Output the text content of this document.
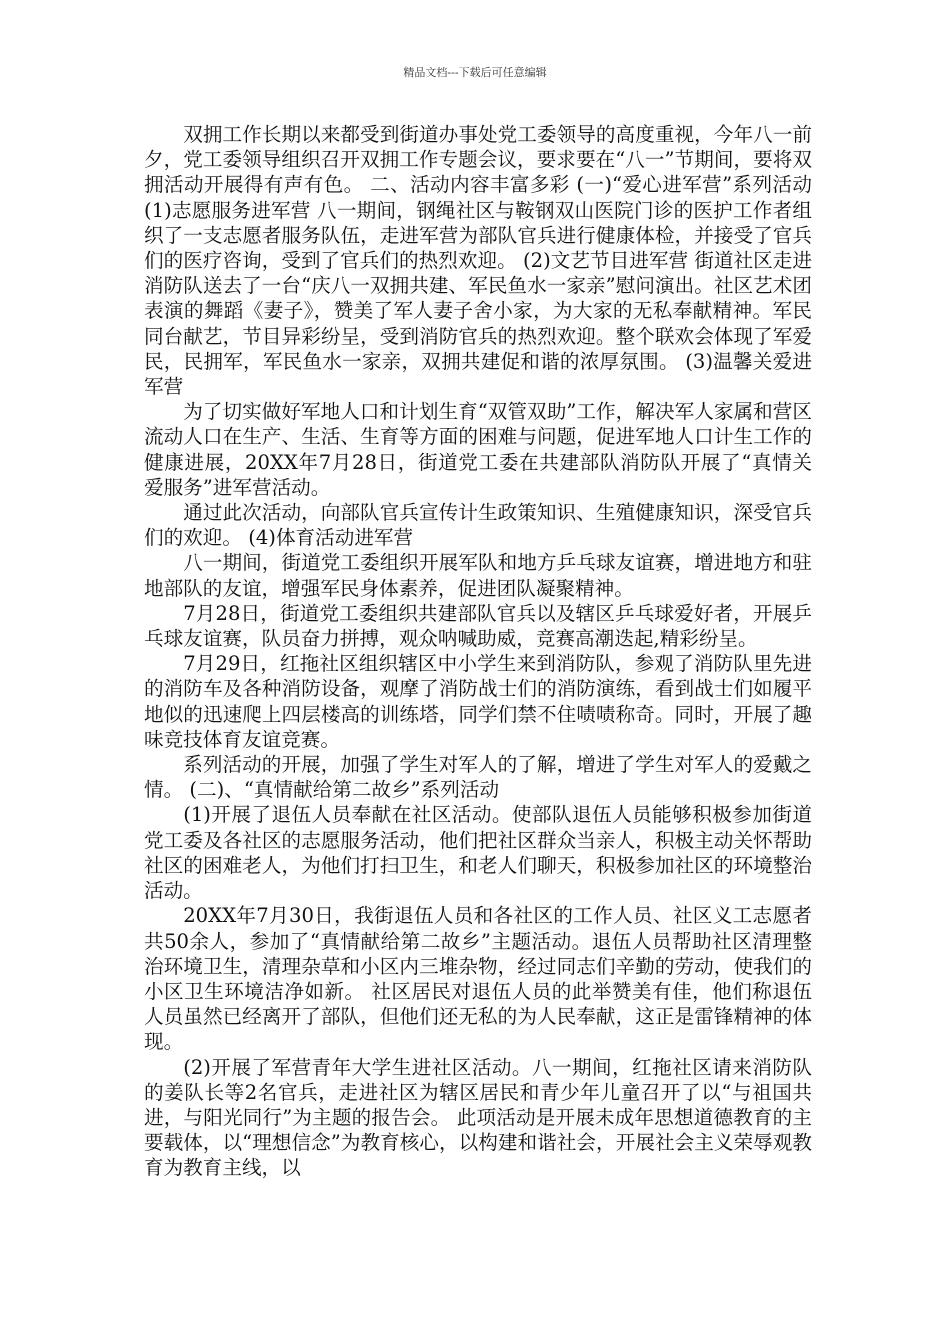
精品文档---下载后可任意编辑

双拥工作长期以来都受到街道办事处党工委领导的高度重视，今年八一前夕，党工委领导组织召开双拥工作专题会议，要求要在“八一”节期间，要将双拥活动开展得有声有色。 二、活动内容丰富多彩 (一)“爱心进军营”系列活动 (1)志愿服务进军营 八一期间，钢绳社区与鞍钢双山医院门诊的医护工作者组织了一支志愿者服务队伍，走进军营为部队官兵进行健康体检，并接受了官兵们的医疗咨询，受到了官兵们的热烈欢迎。 (2)文艺节目进军营 街道社区走进消防队送去了一台“庆八一双拥共建、军民鱼水一家亲”慰问演出。社区艺术团表演的舞蹈《妻子》，赞美了军人妻子舍小家，为大家的无私奉献精神。军民同台献艺，节目异彩纷呈，受到消防官兵的热烈欢迎。整个联欢会体现了军爱民，民拥军，军民鱼水一家亲，双拥共建促和谐的浓厚氛围。 (3)温馨关爱进军营

为了切实做好军地人口和计划生育“双管双助”工作，解决军人家属和营区流动人口在生产、生活、生育等方面的困难与问题，促进军地人口计生工作的健康进展，20XX年7月28日，街道党工委在共建部队消防队开展了“真情关爱服务”进军营活动。

通过此次活动，向部队官兵宣传计生政策知识、生殖健康知识，深受官兵们的欢迎。 (4)体育活动进军营

八一期间，街道党工委组织开展军队和地方乒乓球友谊赛，增进地方和驻地部队的友谊，增强军民身体素养，促进团队凝聚精神。

7月28日，街道党工委组织共建部队官兵以及辖区乒乓球爱好者，开展乒乓球友谊赛，队员奋力拼搏，观众呐喊助威，竞赛高潮迭起,精彩纷呈。

7月29日，红拖社区组织辖区中小学生来到消防队，参观了消防队里先进的消防车及各种消防设备，观摩了消防战士们的消防演练，看到战士们如履平地似的迅速爬上四层楼高的训练塔，同学们禁不住啧啧称奇。同时，开展了趣味竞技体育友谊竞赛。

系列活动的开展，加强了学生对军人的了解，增进了学生对军人的爱戴之情。 (二)、“真情献给第二故乡”系列活动

(1)开展了退伍人员奉献在社区活动。使部队退伍人员能够积极参加街道党工委及各社区的志愿服务活动，他们把社区群众当亲人，积极主动关怀帮助社区的困难老人，为他们打扫卫生，和老人们聊天，积极参加社区的环境整治活动。

20XX年7月30日，我街退伍人员和各社区的工作人员、社区义工志愿者共50余人，参加了“真情献给第二故乡”主题活动。退伍人员帮助社区清理整治环境卫生，清理杂草和小区内三堆杂物，经过同志们辛勤的劳动，使我们的小区卫生环境洁净如新。 社区居民对退伍人员的此举赞美有佳，他们称退伍人员虽然已经离开了部队，但他们还无私的为人民奉献，这正是雷锋精神的体现。

(2)开展了军营青年大学生进社区活动。八一期间，红拖社区请来消防队的姜队长等2名官兵，走进社区为辖区居民和青少年儿童召开了以“与祖国共进，与阳光同行”为主题的报告会。 此项活动是开展未成年思想道德教育的主要载体，以“理想信念”为教育核心，以构建和谐社会，开展社会主义荣辱观教育为教育主线，以
